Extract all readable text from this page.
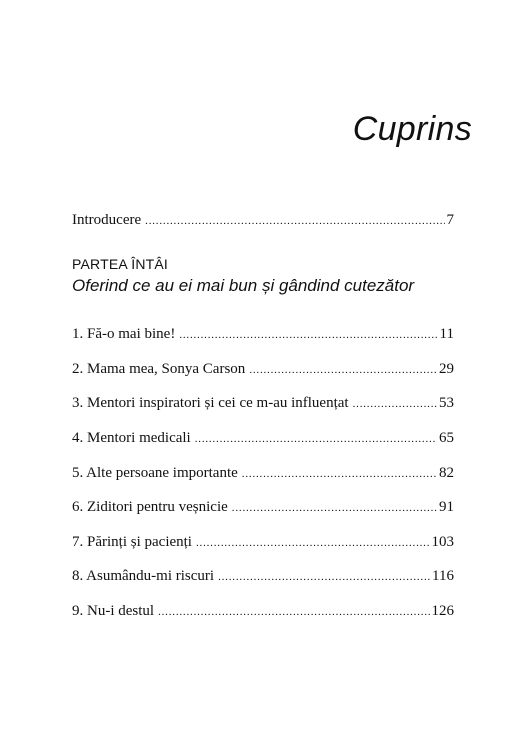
Cuprins
Introducere .....	7
PARTEA ÎNTÂI
Oferind ce au ei mai bun și gândind cutezător
1. Fă-o mai bine! .....	11
2. Mama mea, Sonya Carson .....	29
3. Mentori inspiratori și cei ce m-au influențat .....	53
4. Mentori medicali .....	65
5. Alte persoane importante .....	82
6. Ziditori pentru veșnicie .....	91
7. Părinți și pacienți .....	103
8. Asumându-mi riscuri .....	116
9. Nu-i destul .....	126
